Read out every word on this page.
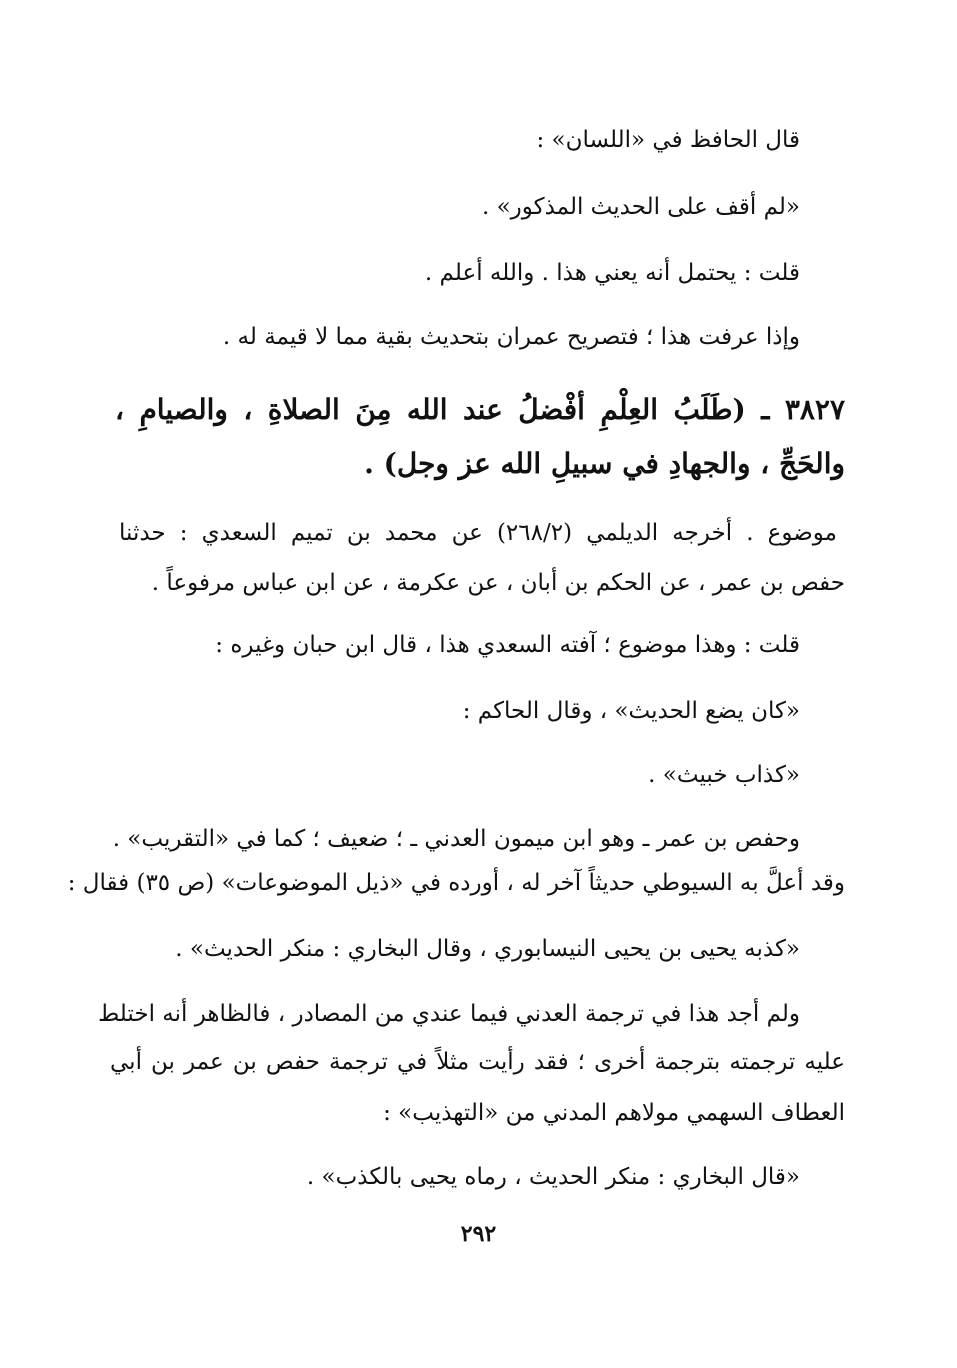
قال الحافظ في «اللسان» :
«لم أقف على الحديث المذكور» .
قلت : يحتمل أنه يعني هذا . والله أعلم .
وإذا عرفت هذا ؛ فتصريح عمران بتحديث بقية مما لا قيمة له .
٣٨٢٧ ـ (طَلَبُ العِلْمِ أفْضلُ عند الله مِنَ الصلاةِ ، والصيامِ ،
والحَجِّ ، والجهادِ في سبيلِ الله عز وجل) .
موضوع . أخرجه الديلمي (٢٦٨/٢) عن محمد بن تميم السعدي : حدثنا
حفص بن عمر ، عن الحكم بن أبان ، عن عكرمة ، عن ابن عباس مرفوعاً .
قلت : وهذا موضوع ؛ آفته السعدي هذا ، قال ابن حبان وغيره :
«كان يضع الحديث» ، وقال الحاكم :
«كذاب خبيث» .
وحفص بن عمر ـ وهو ابن ميمون العدني ـ ؛ ضعيف ؛ كما في «التقريب» .
وقد أعلَّ به السيوطي حديثاً آخر له ، أورده في «ذيل الموضوعات» (ص ٣٥) فقال :
«كذبه يحيى بن يحيى النيسابوري ، وقال البخاري : منكر الحديث» .
ولم أجد هذا في ترجمة العدني فيما عندي من المصادر ، فالظاهر أنه اختلط
عليه ترجمته بترجمة أخرى ؛ فقد رأيت مثلاً في ترجمة حفص بن عمر بن أبي
العطاف السهمي مولاهم المدني من «التهذيب» :
«قال البخاري : منكر الحديث ، رماه يحيى بالكذب» .
٢٩٢
